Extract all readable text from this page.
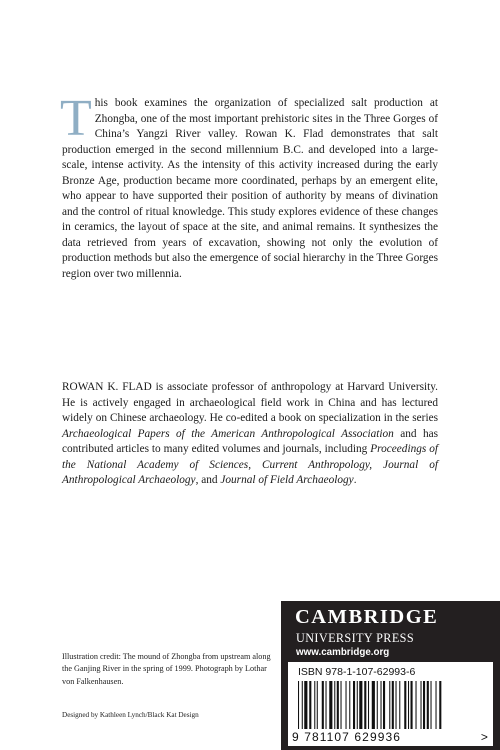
This book examines the organization of specialized salt production at Zhongba, one of the most important prehistoric sites in the Three Gorges of China’s Yangzi River valley. Rowan K. Flad demonstrates that salt production emerged in the second millennium B.C. and developed into a large-scale, intense activity. As the intensity of this activity increased during the early Bronze Age, production became more coordinated, perhaps by an emergent elite, who appear to have supported their position of authority by means of divination and the control of ritual knowledge. This study explores evidence of these changes in ceramics, the layout of space at the site, and animal remains. It synthesizes the data retrieved from years of excavation, showing not only the evolution of production methods but also the emergence of social hierarchy in the Three Gorges region over two millennia.

ROWAN K. FLAD is associate professor of anthropology at Harvard University. He is actively engaged in archaeological field work in China and has lectured widely on Chinese archaeology. He co-edited a book on specialization in the series Archaeological Papers of the American Anthropological Association and has contributed articles to many edited volumes and journals, including Proceedings of the National Academy of Sciences, Current Anthropology, Journal of Anthropological Archaeology, and Journal of Field Archaeology.

Illustration credit: The mound of Zhongba from upstream along the Ganjing River in the spring of 1999. Photograph by Lothar von Falkenhausen.

Designed by Kathleen Lynch/Black Kat Design

CAMBRIDGE

UNIVERSITY PRESS

www.cambridge.org

ISBN 978-1-107-62993-6

9 781107 629936	>
